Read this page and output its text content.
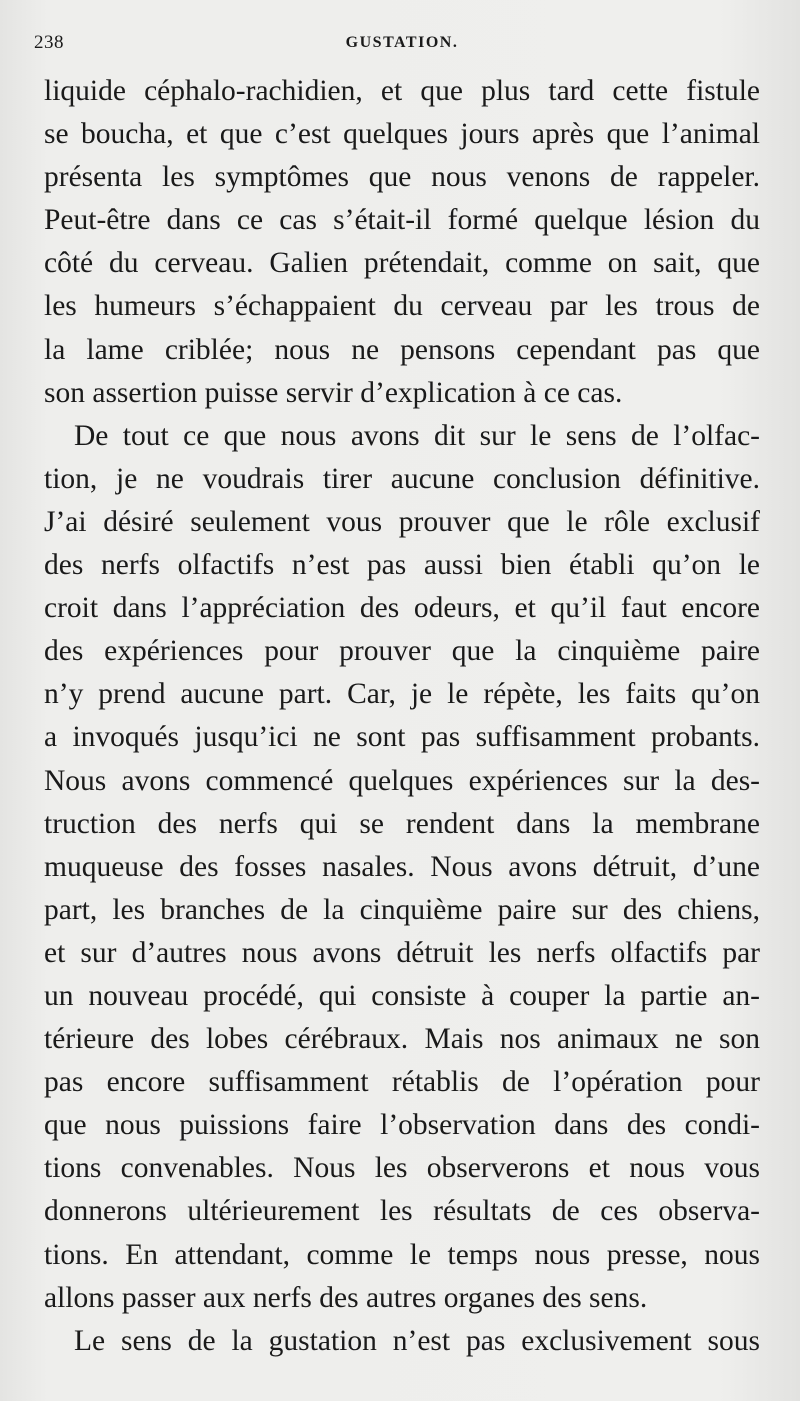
238	GUSTATION.
liquide céphalo-rachidien, et que plus tard cette fistule
se boucha, et que c’est quelques jours après que l’animal
présenta les symptômes que nous venons de rappeler.
Peut-être dans ce cas s’était-il formé quelque lésion du
côté du cerveau. Galien prétendait, comme on sait, que
les humeurs s’échappaient du cerveau par les trous de
la lame criblée; nous ne pensons cependant pas que
son assertion puisse servir d’explication à ce cas.
De tout ce que nous avons dit sur le sens de l’olfac-
tion, je ne voudrais tirer aucune conclusion définitive.
J’ai désiré seulement vous prouver que le rôle exclusif
des nerfs olfactifs n’est pas aussi bien établi qu’on le
croit dans l’appréciation des odeurs, et qu’il faut encore
des expériences pour prouver que la cinquième paire
n’y prend aucune part. Car, je le répète, les faits qu’on
a invoqués jusqu’ici ne sont pas suffisamment probants.
Nous avons commencé quelques expériences sur la des-
truction des nerfs qui se rendent dans la membrane
muqueuse des fosses nasales. Nous avons détruit, d’une
part, les branches de la cinquième paire sur des chiens,
et sur d’autres nous avons détruit les nerfs olfactifs par
un nouveau procédé, qui consiste à couper la partie an-
térieure des lobes cérébraux. Mais nos animaux ne son
pas encore suffisamment rétablis de l’opération pour
que nous puissions faire l’observation dans des condi-
tions convenables. Nous les observerons et nous vous
donnerons ultérieurement les résultats de ces observa-
tions. En attendant, comme le temps nous presse, nous
allons passer aux nerfs des autres organes des sens.
Le sens de la gustation n’est pas exclusivement sous
